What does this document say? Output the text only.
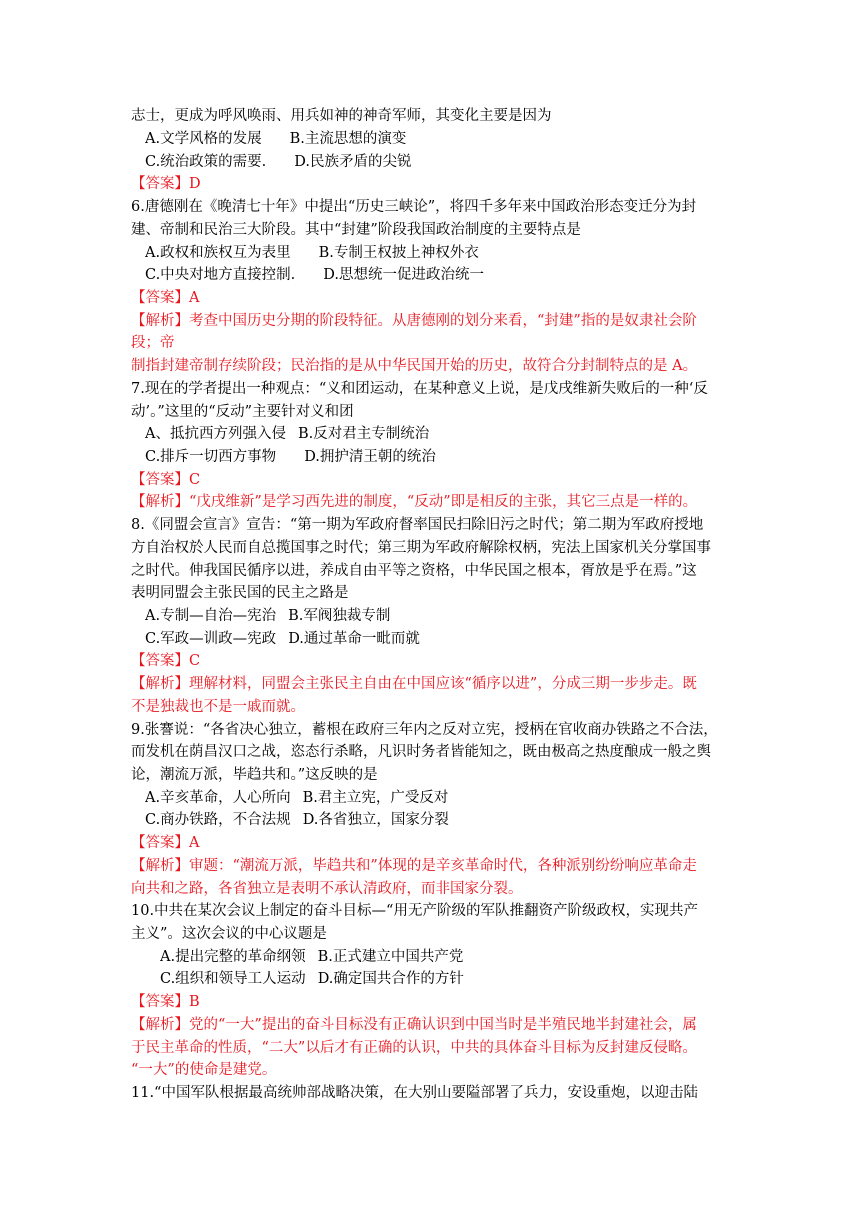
志士，更成为呼风唤雨、用兵如神的神奇军师，其变化主要是因为
A.文学风格的发展 B.主流思想的演变
C.统治政策的需要. D.民族矛盾的尖锐
【答案】D
6.唐德刚在《晚清七十年》中提出“历史三峡论”，将四千多年来中国政治形态变迁分为封
建、帝制和民治三大阶段。其中“封建”阶段我国政治制度的主要特点是
A.政权和族权互为表里 B.专制王权披上神权外衣
C.中央对地方直接控制. D.思想统一促进政治统一
【答案】A
【解析】考查中国历史分期的阶段特征。从唐德刚的划分来看，“封建”指的是奴隶社会阶
段；帝
制指封建帝制存续阶段；民治指的是从中华民国开始的历史，故符合分封制特点的是 A。
7.现在的学者提出一种观点：“义和团运动，在某种意义上说，是戊戌维新失败后的一种‘反
动’。”这里的“反动”主要针对义和团
A、抵抗西方列强入侵 B.反对君主专制统治
C.排斥一切西方事物 D.拥护清王朝的统治
【答案】C
【解析】“戊戌维新”是学习西先进的制度，“反动”即是相反的主张，其它三点是一样的。
8.《同盟会宣言》宣告：“第一期为军政府督率国民扫除旧污之时代；第二期为军政府授地
方自治权於人民而自总揽国事之时代；第三期为军政府解除权柄，宪法上国家机关分掌国事
之时代。伸我国民循序以进，养成自由平等之资格，中华民国之根本，胥放是乎在焉。”这
表明同盟会主张民国的民主之路是
A.专制—自治—宪治 B.军阀独裁专制
C.军政—训政—宪政 D.通过革命一毗而就
【答案】C
【解析】理解材料，同盟会主张民主自由在中国应该“循序以进”，分成三期一步步走。既
不是独裁也不是一戚而就。
9.张謇说：“各省决心独立，蓄根在政府三年内之反对立宪，授柄在官收商办铁路之不合法，
而发机在荫昌汉口之战，恣态行杀略，凡识时务者皆能知之，既由极高之热度酿成一般之舆
论，潮流万派，毕趋共和。”这反映的是
A.辛亥革命，人心所向 B.君主立宪，广受反对
C.商办铁路，不合法规 D.各省独立，国家分裂
【答案】A
【解析】审题：“潮流万派，毕趋共和”体现的是辛亥革命时代，各种派别纷纷响应革命走
向共和之路，各省独立是表明不承认清政府，而非国家分裂。
10.中共在某次会议上制定的奋斗目标—“用无产阶级的军队推翻资产阶级政权，实现共产
主义”。这次会议的中心议题是
A.提出完整的革命纲领 B.正式建立中国共产党
C.组织和领导工人运动 D.确定国共合作的方针
【答案】B
【解析】党的“一大”提出的奋斗目标没有正确认识到中国当时是半殖民地半封建社会，属
于民主革命的性质，“二大”以后才有正确的认识，中共的具体奋斗目标为反封建反侵略。
“一大”的使命是建党。
11.“中国军队根据最高统帅部战略决策，在大别山要隘部署了兵力，安设重炮，以迎击陆
